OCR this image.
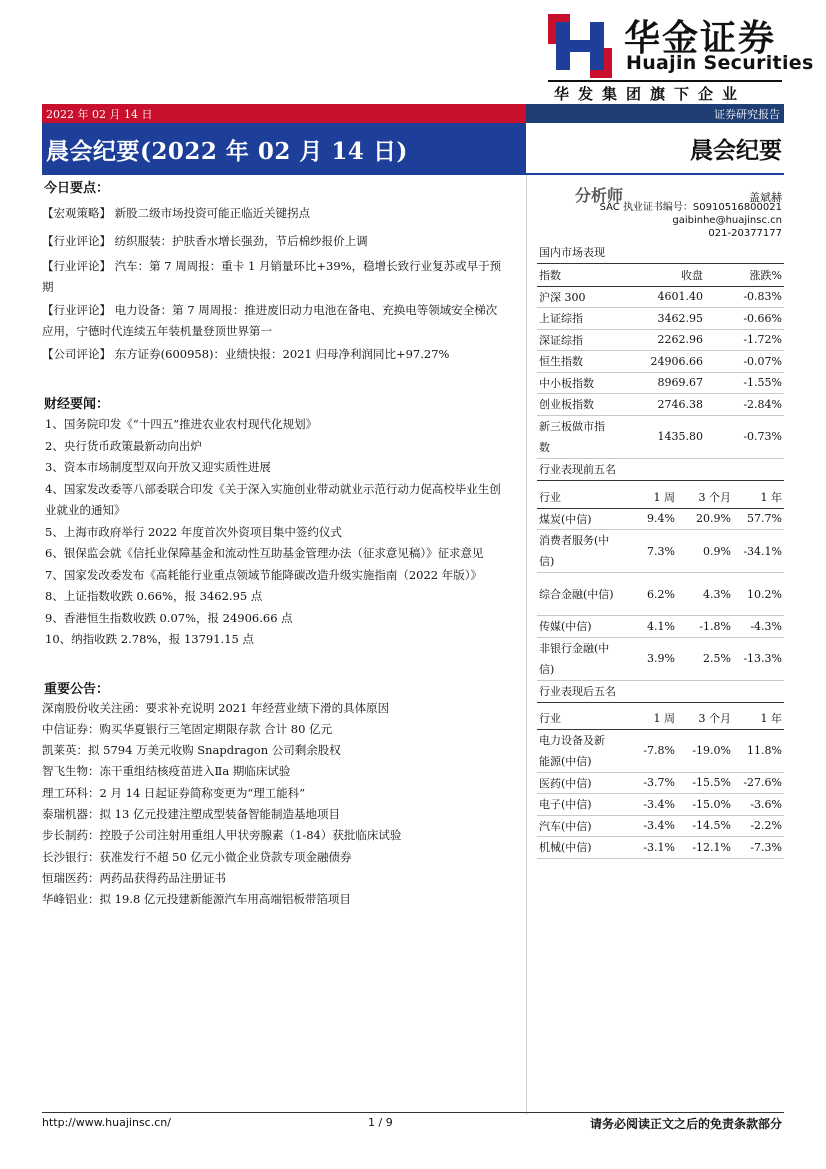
华金证券
Huajin Securities
华发集团旗下企业
2022 年 02 月 14 日	证券研究报告
晨会纪要(2022 年 02 月 14 日)	晨会纪要
今日要点：
【宏观策略】 新股二级市场投资可能正临近关键拐点
【行业评论】 纺织服装：护肤香水增长强劲，节后棉纱报价上调
【行业评论】 汽车：第 7 周周报：重卡 1 月销量环比+39%，稳增长致行业复苏或早于预期
【行业评论】 电力设备：第 7 周周报：推进废旧动力电池在备电、充换电等领域安全梯次应用，宁德时代连续五年装机量登顶世界第一
【公司评论】 东方证券(600958)：业绩快报：2021 归母净利润同比+97.27%
财经要闻：
1、国务院印发《“十四五”推进农业农村现代化规划》
2、央行货币政策最新动向出炉
3、资本市场制度型双向开放又迎实质性进展
4、国家发改委等八部委联合印发《关于深入实施创业带动就业示范行动力促高校毕业生创业就业的通知》
5、上海市政府举行 2022 年度首次外资项目集中签约仪式
6、银保监会就《信托业保障基金和流动性互助基金管理办法（征求意见稿）》征求意见
7、国家发改委发布《高耗能行业重点领域节能降碳改造升级实施指南（2022 年版）》
8、上证指数收跌 0.66%，报 3462.95 点
9、香港恒生指数收跌 0.07%，报 24906.66 点
10、纳指收跌 2.78%，报 13791.15 点
重要公告：
深南股份收关注函：要求补充说明 2021 年经营业绩下滑的具体原因
中信证券：购买华夏银行三笔固定期限存款 合计 80 亿元
凯莱英：拟 5794 万美元收购 Snapdragon 公司剩余股权
智飞生物：冻干重组结核疫苗进入Ⅱa 期临床试验
理工环科：2 月 14 日起证券简称变更为“理工能科”
泰瑞机器：拟 13 亿元投建注塑成型装备智能制造基地项目
步长制药：控股子公司注射用重组人甲状旁腺素（1-84）获批临床试验
长沙银行：获准发行不超 50 亿元小微企业贷款专项金融债券
恒瑞医药：两药品获得药品注册证书
华峰铝业：拟 19.8 亿元投建新能源汽车用高端铝板带箔项目
分析师	盖斌赫
SAC 执业证书编号：S0910516800021
gaibinhe@huajinsc.cn
021-20377177
国内市场表现
指数	收盘	涨跌%
沪深 300	4601.40	-0.83%
上证综指	3462.95	-0.66%
深证综指	2262.96	-1.72%
恒生指数	24906.66	-0.07%
中小板指数	8969.67	-1.55%
创业板指数	2746.38	-2.84%
新三板做市指数	1435.80	-0.73%
行业表现前五名
行业	1 周	3 个月	1 年
煤炭(中信)	9.4%	20.9%	57.7%
消费者服务(中信)	7.3%	0.9%	-34.1%
综合金融(中信)	6.2%	4.3%	10.2%
传媒(中信)	4.1%	-1.8%	-4.3%
非银行金融(中信)	3.9%	2.5%	-13.3%
行业表现后五名
行业	1 周	3 个月	1 年
电力设备及新能源(中信)	-7.8%	-19.0%	11.8%
医药(中信)	-3.7%	-15.5%	-27.6%
电子(中信)	-3.4%	-15.0%	-3.6%
汽车(中信)	-3.4%	-14.5%	-2.2%
机械(中信)	-3.1%	-12.1%	-7.3%
http://www.huajinsc.cn/	1 / 9	请务必阅读正文之后的免责条款部分
